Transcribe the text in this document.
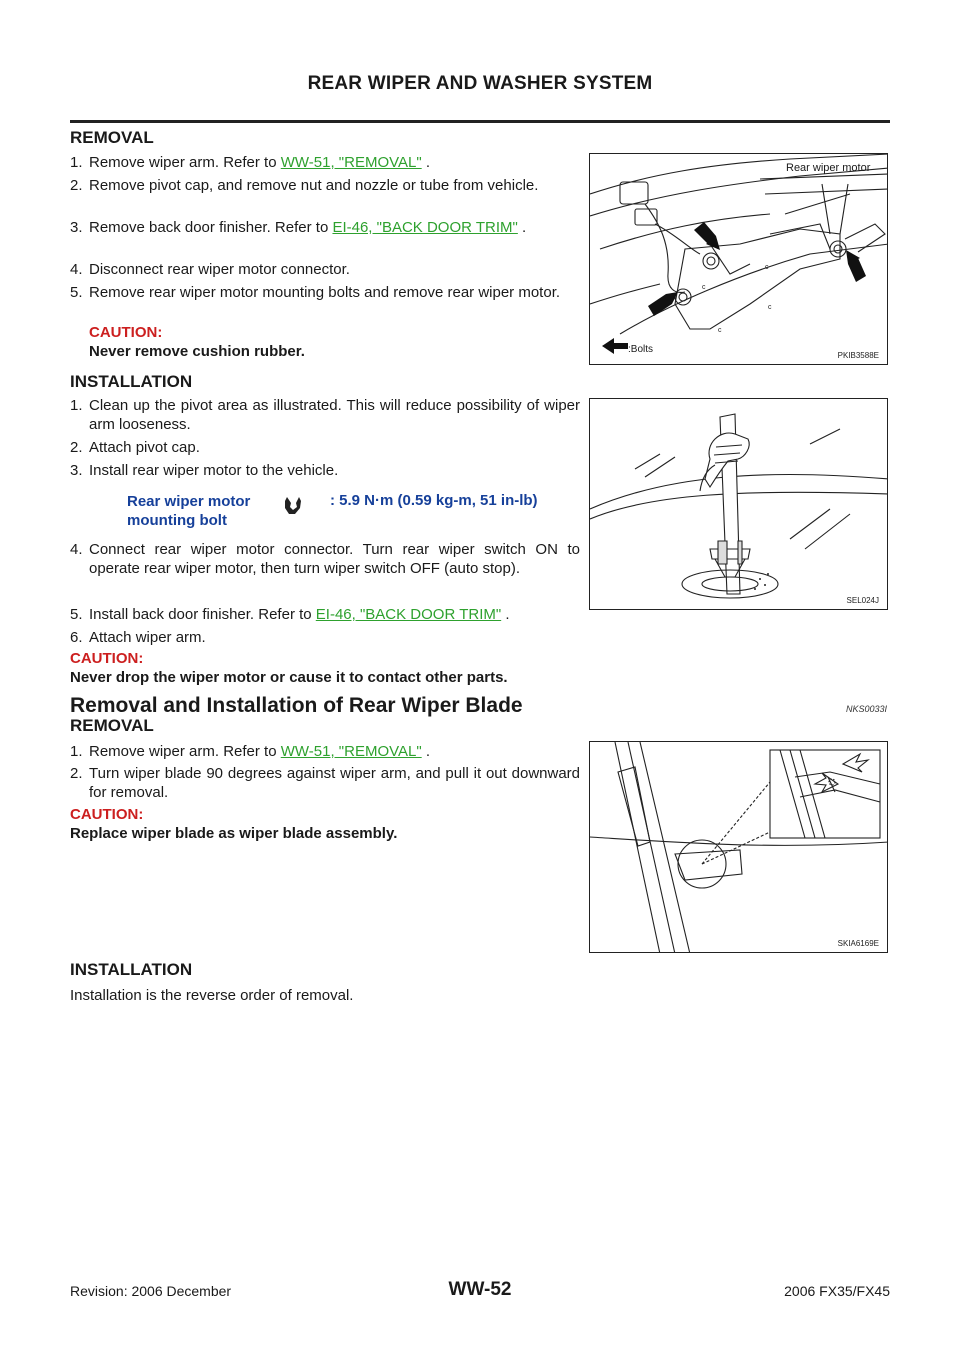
REAR WIPER AND WASHER SYSTEM
REMOVAL
1. Remove wiper arm. Refer to WW-51, "REMOVAL" .
2. Remove pivot cap, and remove nut and nozzle or tube from vehicle.
3. Remove back door finisher. Refer to EI-46, "BACK DOOR TRIM" .
4. Disconnect rear wiper motor connector.
5. Remove rear wiper motor mounting bolts and remove rear wiper motor.
CAUTION:
Never remove cushion rubber.
c
c
c
c
Rear wiper motor
:Bolts
PKIB3588E
INSTALLATION
1. Clean up the pivot area as illustrated. This will reduce possibility of wiper arm looseness.
2. Attach pivot cap.
3. Install rear wiper motor to the vehicle.
Rear wiper motor mounting bolt
: 5.9 N·m (0.59 kg-m, 51 in-lb)
4. Connect rear wiper motor connector. Turn rear wiper switch ON to operate rear wiper motor, then turn wiper switch OFF (auto stop).
5. Install back door finisher. Refer to EI-46, "BACK DOOR TRIM" .
6. Attach wiper arm.
CAUTION:
Never drop the wiper motor or cause it to contact other parts.
SEL024J
Removal and Installation of Rear Wiper Blade	NKS0033I
REMOVAL
1. Remove wiper arm. Refer to WW-51, "REMOVAL" .
2. Turn wiper blade 90 degrees against wiper arm, and pull it out downward for removal.
CAUTION:
Replace wiper blade as wiper blade assembly.
SKIA6169E
INSTALLATION
Installation is the reverse order of removal.
Revision: 2006 December	WW-52	2006 FX35/FX45
